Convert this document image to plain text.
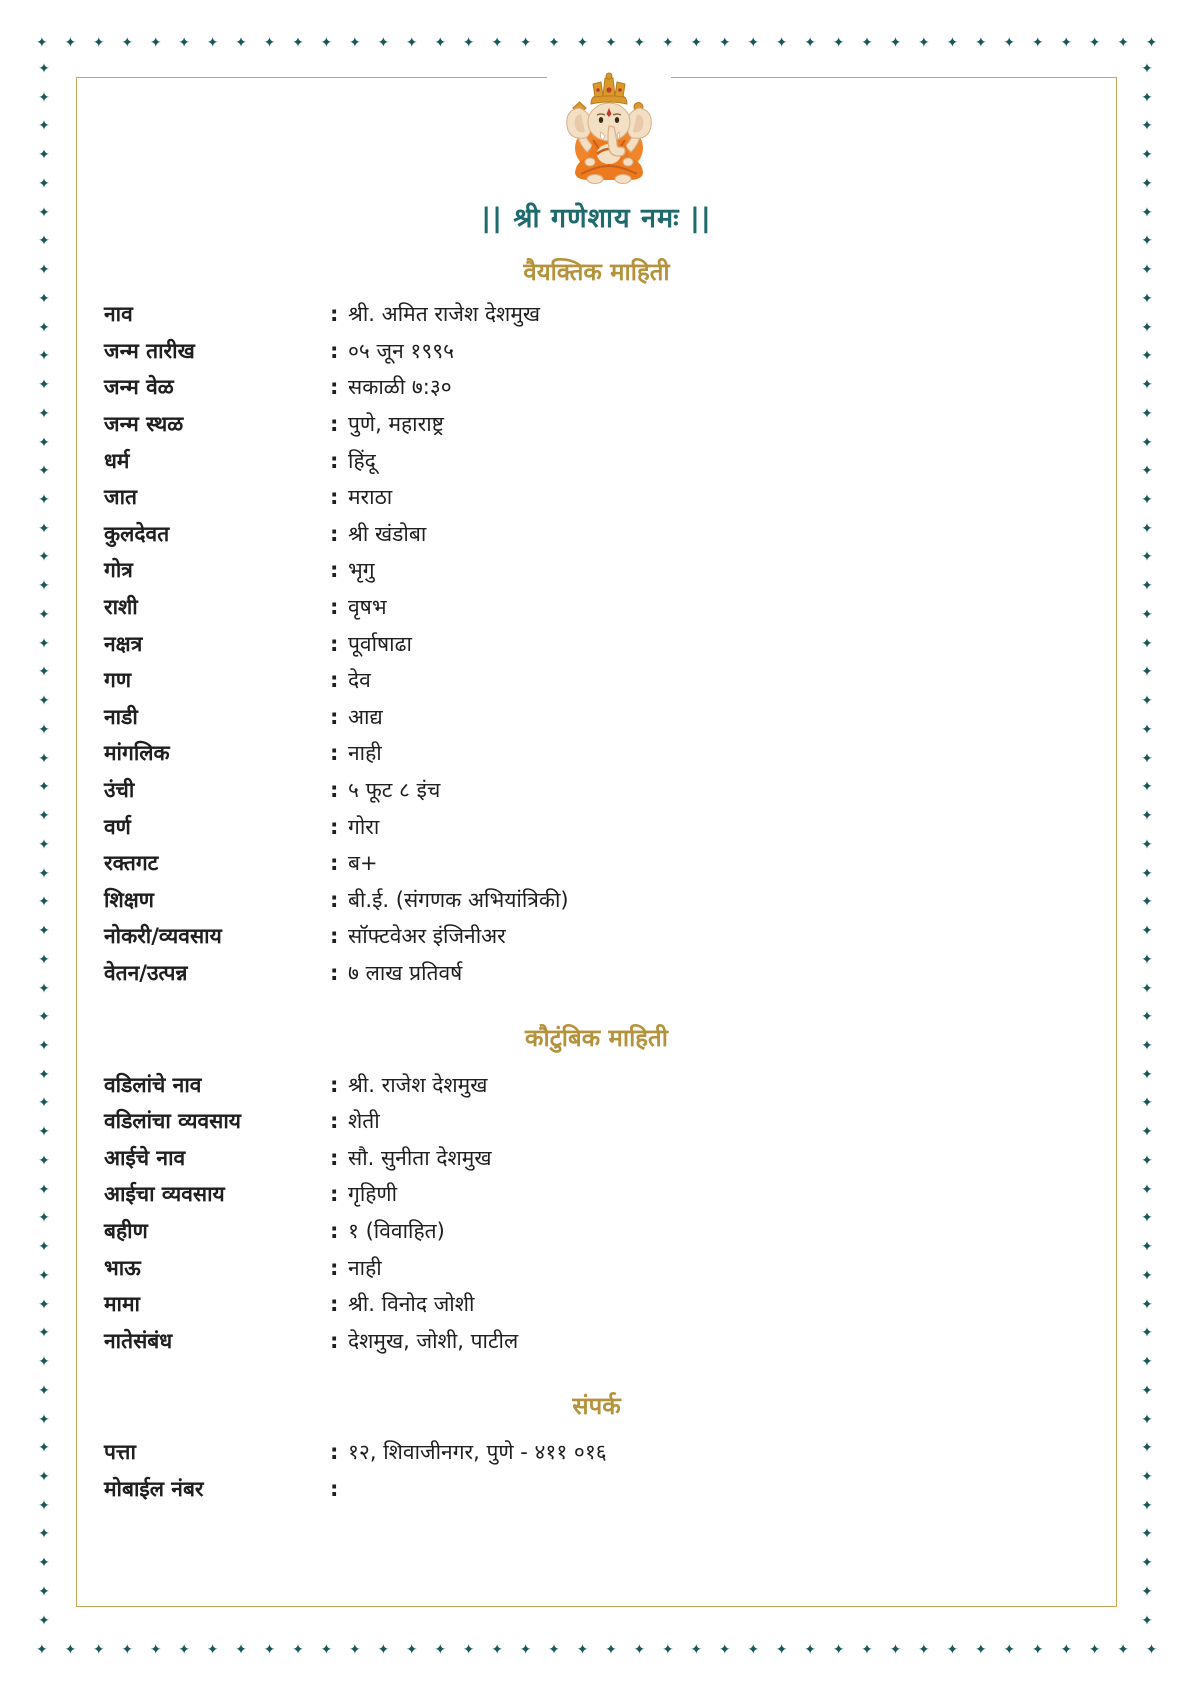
✦ ✦ ✦ ✦ ✦ ✦ ✦ ✦ ✦ ✦ ✦ ✦ ✦ ✦ ✦ ✦ ✦ ✦ ✦ ✦ ✦ ✦ ✦ ✦ ✦ ✦ ✦ ✦ ✦ ✦ ✦ ✦ ✦ ✦ ✦ ✦ ✦ ✦ ✦ ✦
✦ ✦ ✦ ✦ ✦ ✦ ✦ ✦ ✦ ✦ ✦ ✦ ✦ ✦ ✦ ✦ ✦ ✦ ✦ ✦ ✦ ✦ ✦ ✦ ✦ ✦ ✦ ✦ ✦ ✦ ✦ ✦ ✦ ✦ ✦ ✦ ✦ ✦ ✦ ✦
✦
✦
✦
✦
✦
✦
✦
✦
✦
✦
✦
✦
✦
✦
✦
✦
✦
✦
✦
✦
✦
✦
✦
✦
✦
✦
✦
✦
✦
✦
✦
✦
✦
✦
✦
✦
✦
✦
✦
✦
✦
✦
✦
✦
✦
✦
✦
✦
✦
✦
✦
✦
✦
✦
✦
✦
✦
✦
✦
✦
✦
✦
✦
✦
✦
✦
✦
✦
✦
✦
✦
✦
✦
✦
✦
✦
✦
✦
✦
✦
✦
✦
✦
✦
✦
✦
✦
✦
✦
✦
✦
✦
✦
✦
✦
✦
✦
✦
✦
✦
✦
✦
✦
✦
✦
✦
✦
✦
✦
✦
|| श्री गणेशाय नमः ||
वैयक्तिक माहिती
नाव	: श्री. अमित राजेश देशमुख
जन्म तारीख	: ०५ जून १९९५
जन्म वेळ	: सकाळी ७:३०
जन्म स्थळ	: पुणे, महाराष्ट्र
धर्म	: हिंदू
जात	: मराठा
कुलदेवत	: श्री खंडोबा
गोत्र	: भृगु
राशी	: वृषभ
नक्षत्र	: पूर्वाषाढा
गण	: देव
नाडी	: आद्य
मांगलिक	: नाही
उंची	: ५ फूट ८ इंच
वर्ण	: गोरा
रक्तगट	: ब+
शिक्षण	: बी.ई. (संगणक अभियांत्रिकी)
नोकरी/व्यवसाय	: सॉफ्टवेअर इंजिनीअर
वेतन/उत्पन्न	: ७ लाख प्रतिवर्ष
कौटुंबिक माहिती
वडिलांचे नाव	: श्री. राजेश देशमुख
वडिलांचा व्यवसाय	: शेती
आईचे नाव	: सौ. सुनीता देशमुख
आईचा व्यवसाय	: गृहिणी
बहीण	: १ (विवाहित)
भाऊ	: नाही
मामा	: श्री. विनोद जोशी
नातेसंबंध	: देशमुख, जोशी, पाटील
संपर्क
पत्ता	: १२, शिवाजीनगर, पुणे - ४११ ०१६
मोबाईल नंबर	:
